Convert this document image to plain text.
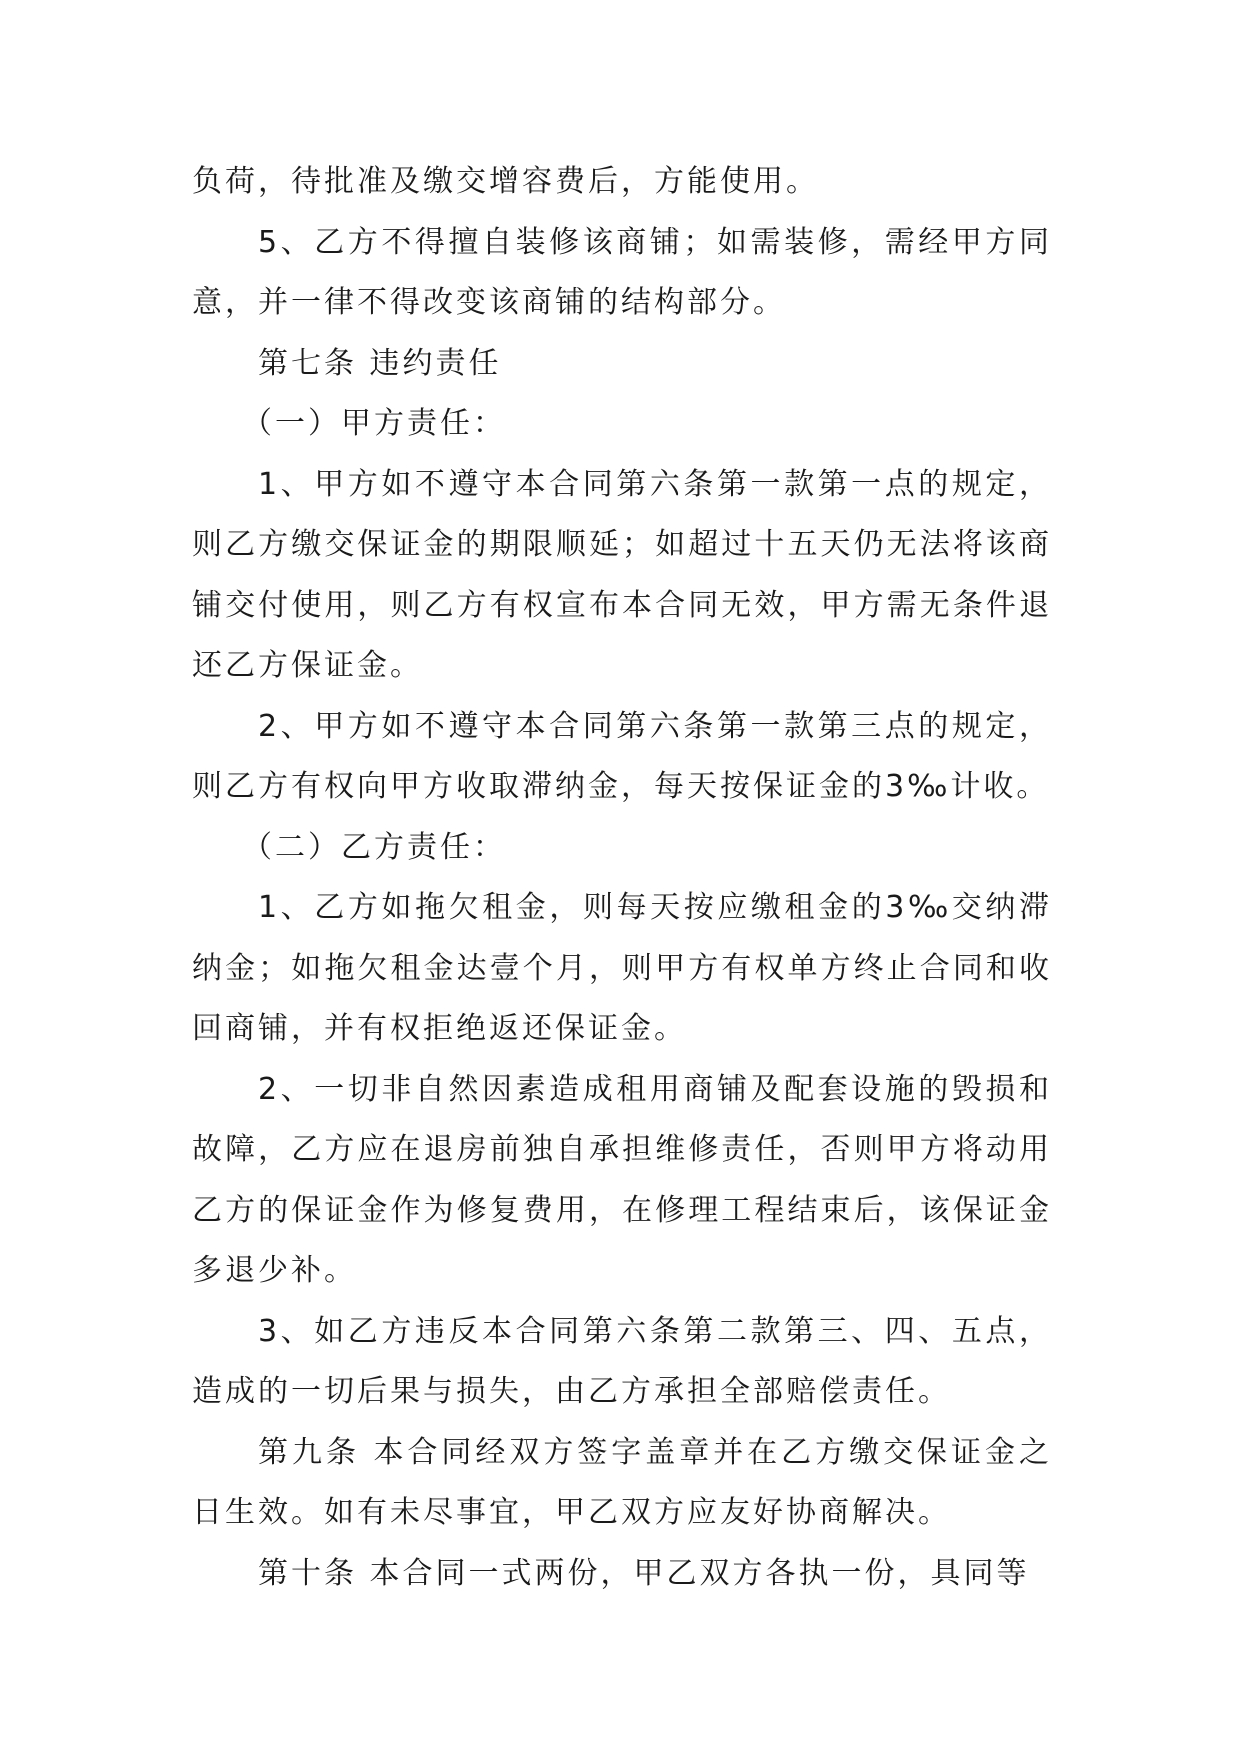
负荷，待批准及缴交增容费后，方能使用。

5、乙方不得擅自装修该商铺；如需装修，需经甲方同意，并一律不得改变该商铺的结构部分。

第七条 违约责任

（一）甲方责任：

1、甲方如不遵守本合同第六条第一款第一点的规定，则乙方缴交保证金的期限顺延；如超过十五天仍无法将该商铺交付使用，则乙方有权宣布本合同无效，甲方需无条件退还乙方保证金。

2、甲方如不遵守本合同第六条第一款第三点的规定，则乙方有权向甲方收取滞纳金，每天按保证金的3‰计收。

（二）乙方责任：

1、乙方如拖欠租金，则每天按应缴租金的3‰交纳滞纳金；如拖欠租金达壹个月，则甲方有权单方终止合同和收回商铺，并有权拒绝返还保证金。

2、一切非自然因素造成租用商铺及配套设施的毁损和故障，乙方应在退房前独自承担维修责任，否则甲方将动用乙方的保证金作为修复费用，在修理工程结束后，该保证金多退少补。

3、如乙方违反本合同第六条第二款第三、四、五点，造成的一切后果与损失，由乙方承担全部赔偿责任。

第九条 本合同经双方签字盖章并在乙方缴交保证金之日生效。如有未尽事宜，甲乙双方应友好协商解决。

第十条 本合同一式两份，甲乙双方各执一份，具同等
